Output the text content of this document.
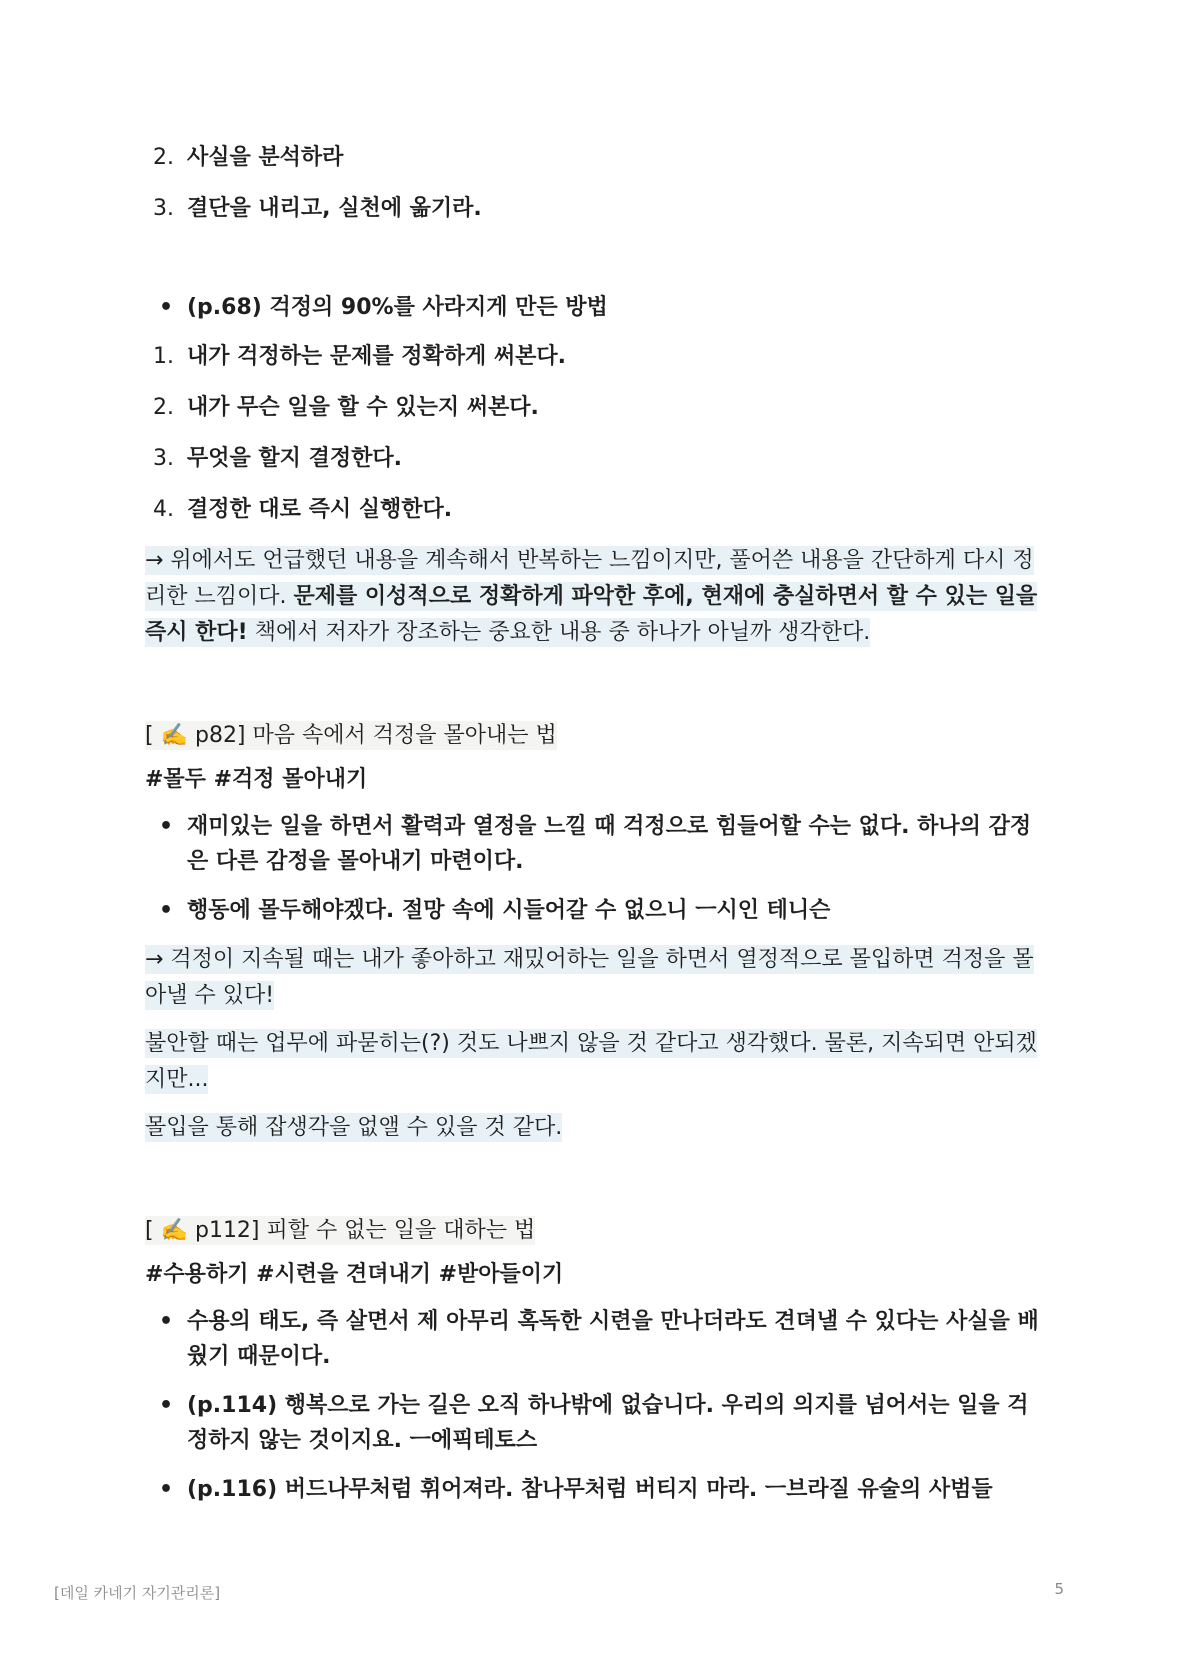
2. 사실을 분석하라
3. 결단을 내리고, 실천에 옮기라.
• (p.68) 걱정의 90%를 사라지게 만든 방법
1. 내가 걱정하는 문제를 정확하게 써본다.
2. 내가 무슨 일을 할 수 있는지 써본다.
3. 무엇을 할지 결정한다.
4. 결정한 대로 즉시 실행한다.

→ 위에서도 언급했던 내용을 계속해서 반복하는 느낌이지만, 풀어쓴 내용을 간단하게 다시 정리한 느낌이다. 문제를 이성적으로 정확하게 파악한 후에, 현재에 충실하면서 할 수 있는 일을 즉시 한다! 책에서 저자가 장조하는 중요한 내용 중 하나가 아닐까 생각한다.

[ ✍️ p82] 마음 속에서 걱정을 몰아내는 법

#몰두 #걱정 몰아내기
• 재미있는 일을 하면서 활력과 열정을 느낄 때 걱정으로 힘들어할 수는 없다. 하나의 감정은 다른 감정을 몰아내기 마련이다.
• 행동에 몰두해야겠다. 절망 속에 시들어갈 수 없으니 ㅡ시인 테니슨

→ 걱정이 지속될 때는 내가 좋아하고 재밌어하는 일을 하면서 열정적으로 몰입하면 걱정을 몰아낼 수 있다!

불안할 때는 업무에 파묻히는(?) 것도 나쁘지 않을 것 같다고 생각했다. 물론, 지속되면 안되겠지만...

몰입을 통해 잡생각을 없앨 수 있을 것 같다.

[ ✍️ p112] 피할 수 없는 일을 대하는 법

#수용하기 #시련을 견뎌내기 #받아들이기
• 수용의 태도, 즉 살면서 제 아무리 혹독한 시련을 만나더라도 견뎌낼 수 있다는 사실을 배웠기 때문이다.
• (p.114) 행복으로 가는 길은 오직 하나밖에 없습니다. 우리의 의지를 넘어서는 일을 걱정하지 않는 것이지요. ㅡ에픽테토스
• (p.116) 버드나무처럼 휘어져라. 참나무처럼 버티지 마라. ㅡ브라질 유술의 사범들
[데일 카네기 자기관리론]	5
